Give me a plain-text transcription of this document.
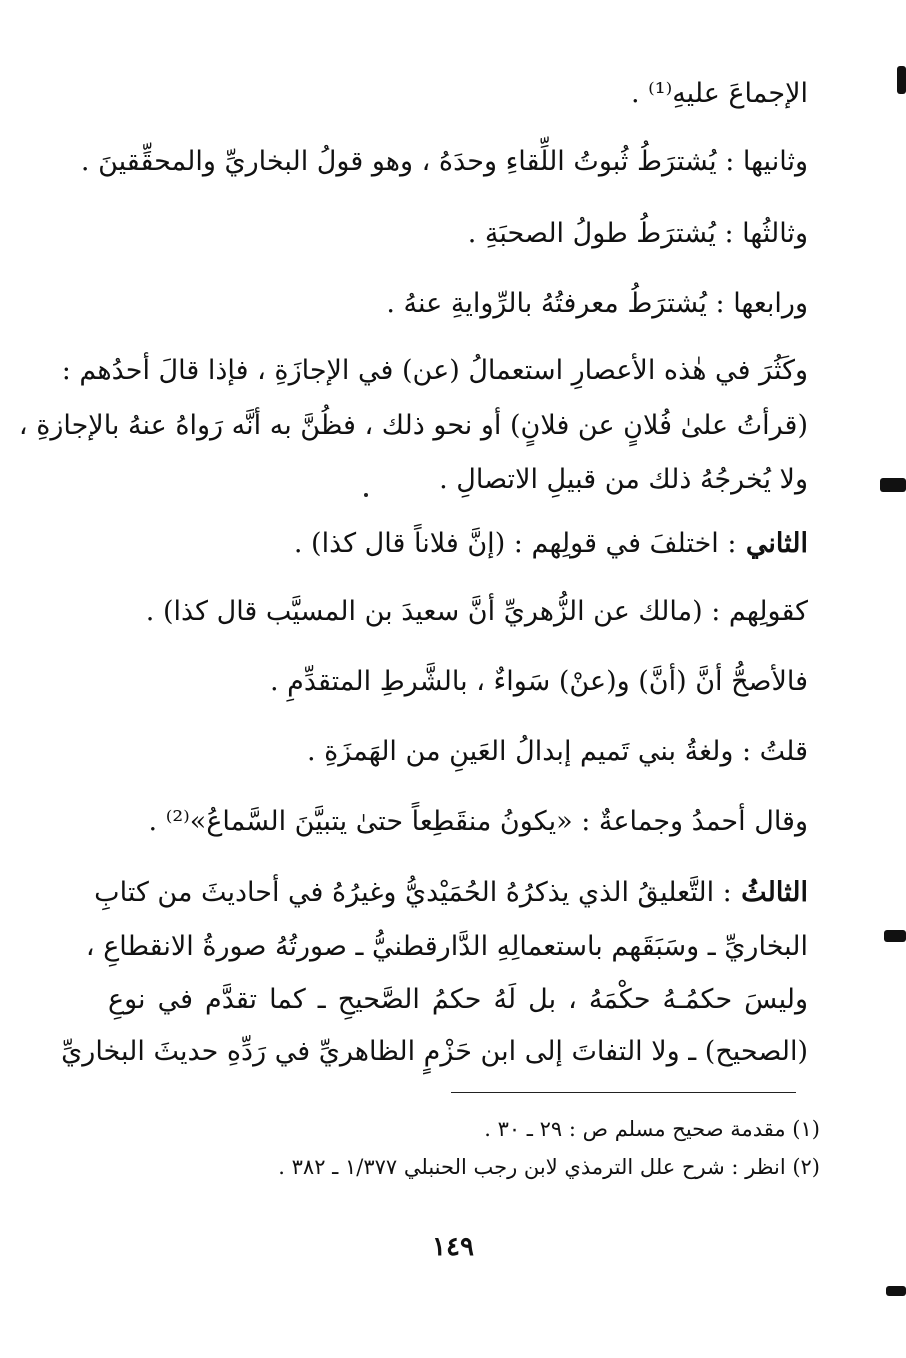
الإجماعَ عليهِ⁽¹⁾ .
وثانيها : يُشترَطُ ثُبوتُ اللِّقاءِ وحدَهُ ، وهو قولُ البخاريِّ والمحقِّقينَ .
وثالثُها : يُشترَطُ طولُ الصحبَةِ .
ورابعها : يُشترَطُ معرفتُهُ بالرِّوايةِ عنهُ .
وكَثُرَ في هٰذه الأعصارِ استعمالُ (عن) في الإجازَةِ ، فإذا قالَ أحدُهم :
(قرأتُ علىٰ فُلانٍ عن فلانٍ) أو نحو ذلك ، فظُنَّ به أنَّه رَواهُ عنهُ بالإجازةِ ،
ولا يُخرجُهُ ذلك من قبيلِ الاتصالِ .
الثاني : اختلفَ في قولِهم : (إنَّ فلاناً قال كذا) .
كقولِهم : (مالك عن الزُّهريِّ أنَّ سعيدَ بن المسيَّب قال كذا) .
فالأصحُّ أنَّ (أنَّ) و(عنْ) سَواءٌ ، بالشَّرطِ المتقدِّمِ .
قلتُ : ولغةُ بني تَميم إبدالُ العَينِ من الهَمزَةِ .
وقال أحمدُ وجماعةٌ : «يكونُ منقَطِعاً حتىٰ يتبيَّنَ السَّماعُ»⁽²⁾ .
الثالثُ : التَّعليقُ الذي يذكرُهُ الحُمَيْديُّ وغيرُهُ في أحاديثَ من كتابِ
البخاريِّ ـ وسَبَقَهم باستعمالِهِ الدَّارقطنيُّ ـ صورتُهُ صورةُ الانقطاعِ ،
وليسَ حكمُـهُ حكْمَهُ ، بل لَهُ حكمُ الصَّحيحِ ـ كما تقدَّم في نوعِ
(الصحيح) ـ ولا التفاتَ إلى ابن حَزْمٍ الظاهريِّ في رَدِّهِ حديثَ البخاريِّ
(١) مقدمة صحيح مسلم ص : ٢٩ ـ ٣٠ .
(٢) انظر : شرح علل الترمذي لابن رجب الحنبلي ١/٣٧٧ ـ ٣٨٢ .
١٤٩
